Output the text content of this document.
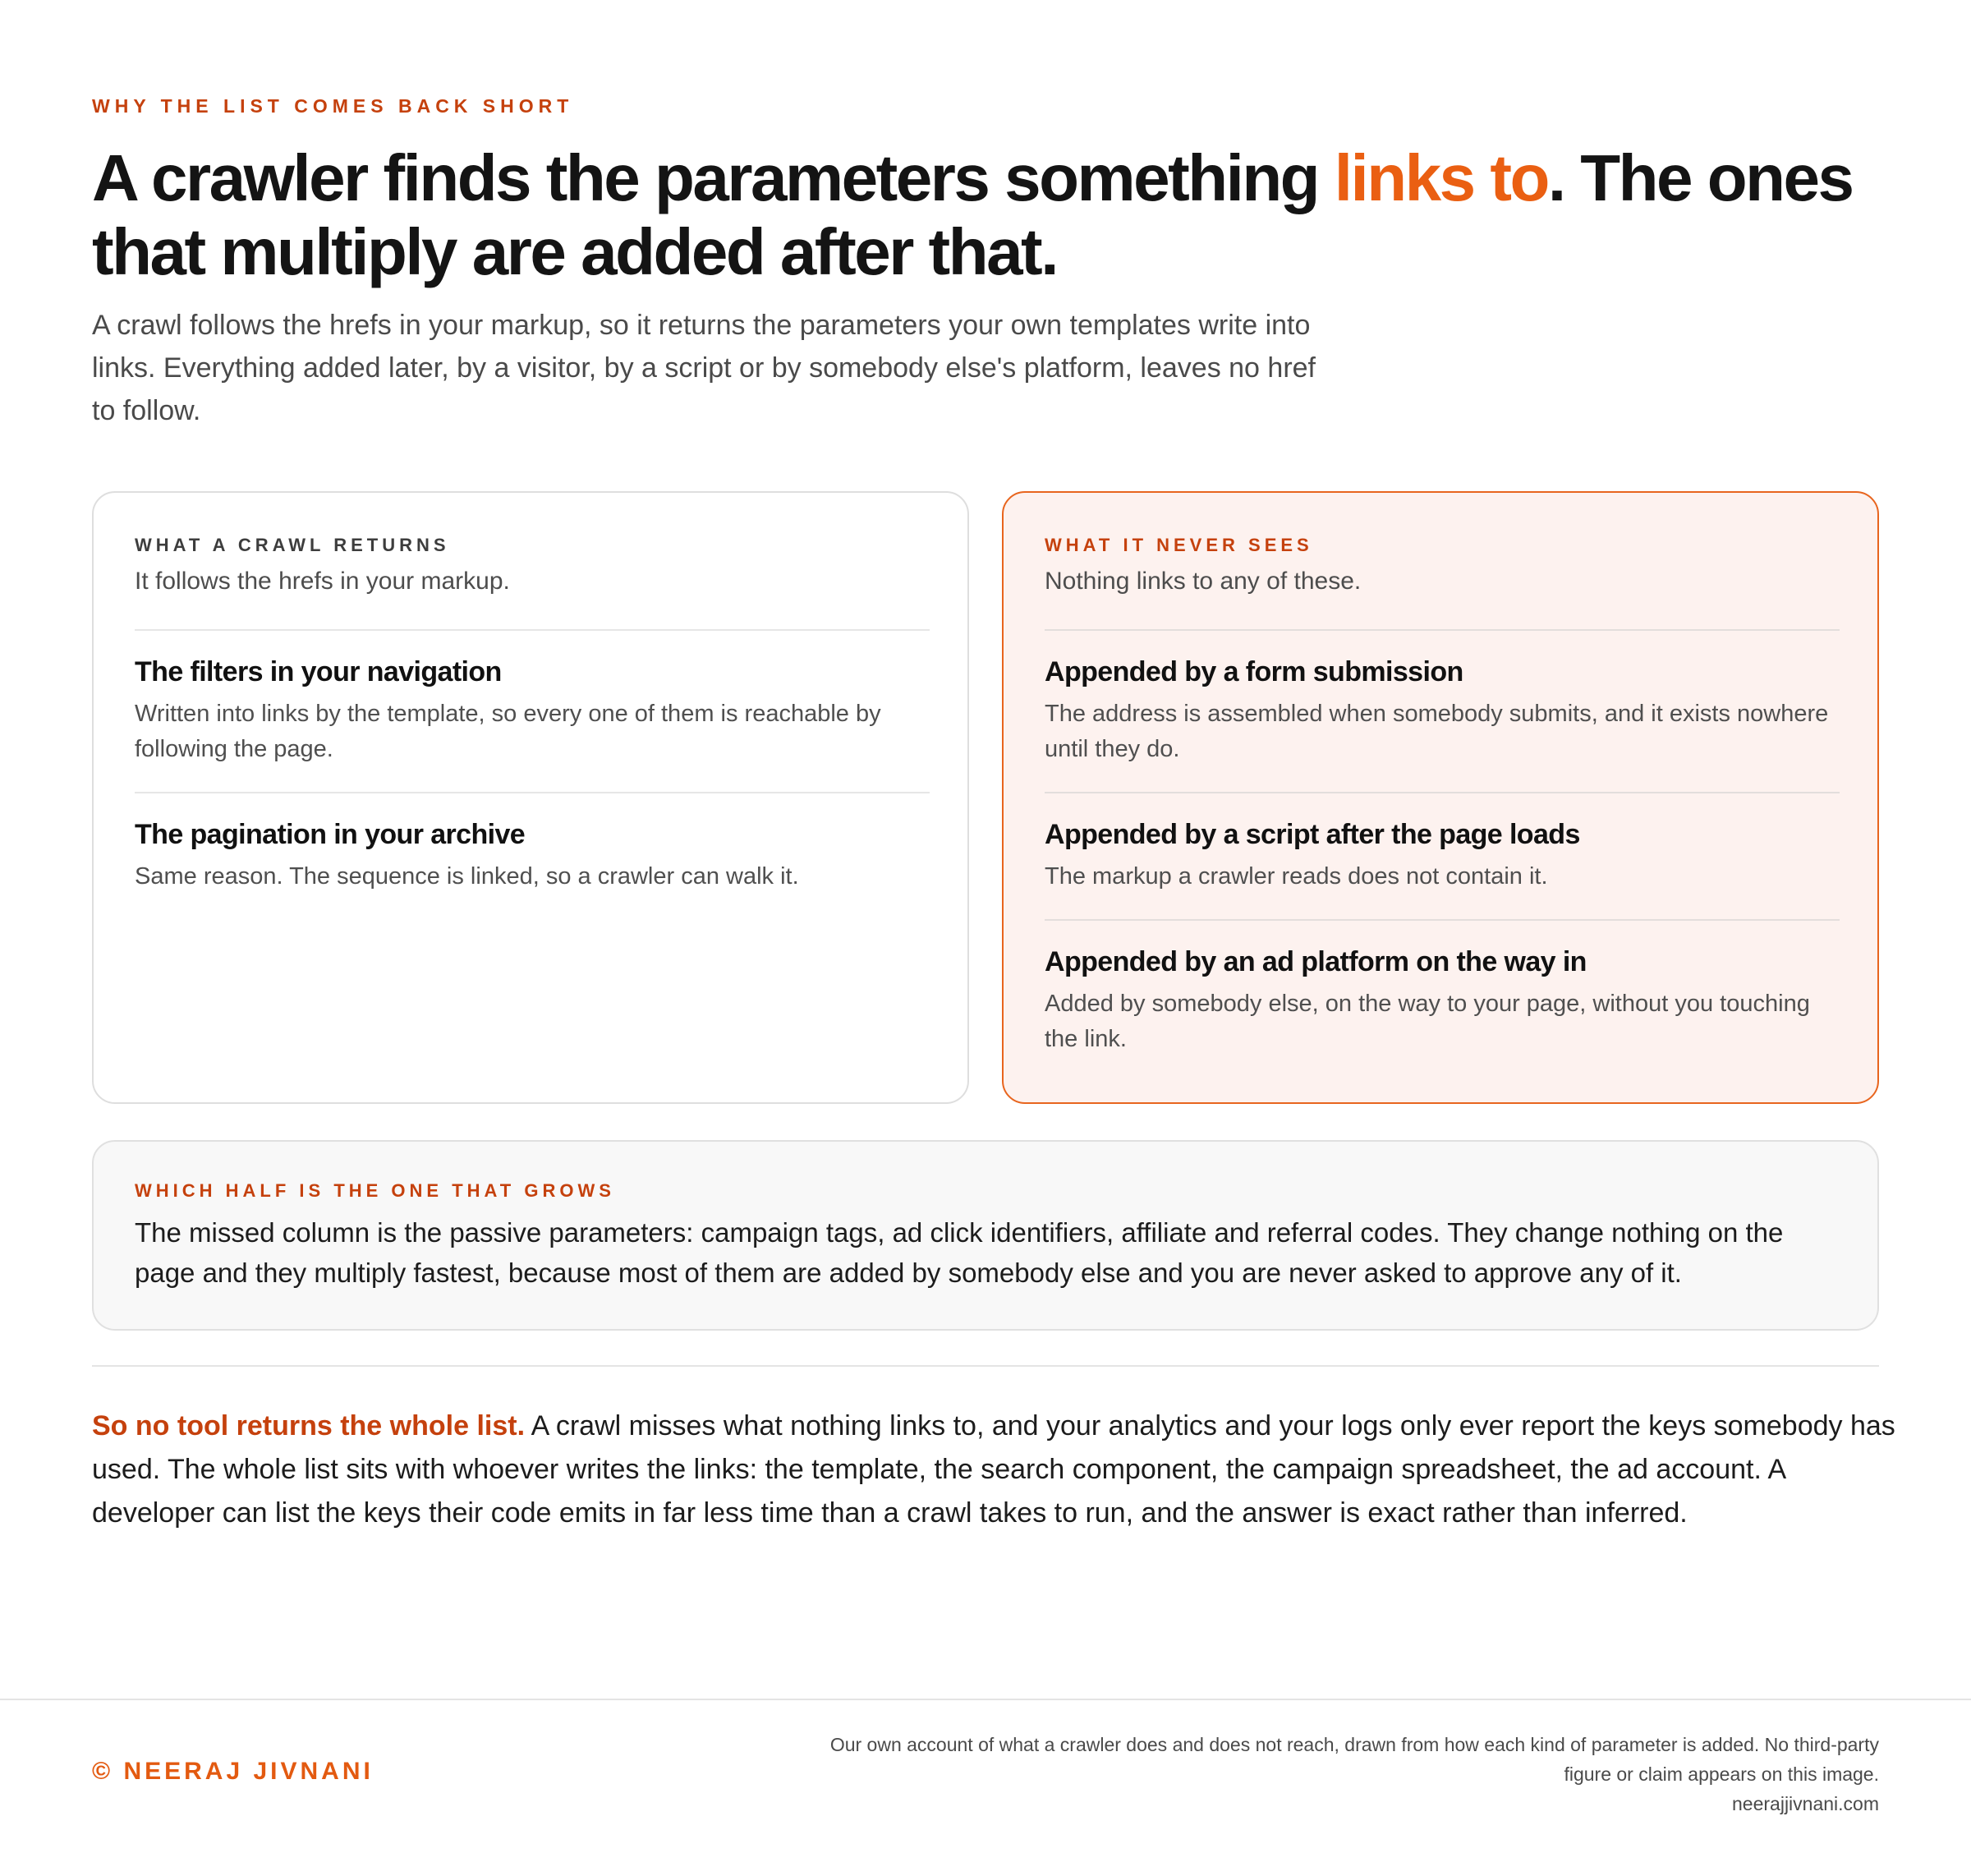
WHY THE LIST COMES BACK SHORT
A crawler finds the parameters something links to. The ones that multiply are added after that.

A crawl follows the hrefs in your markup, so it returns the parameters your own templates write into links. Everything added later, by a visitor, by a script or by somebody else's platform, leaves no href to follow.

WHAT A CRAWL RETURNS

It follows the hrefs in your markup.

The filters in your navigation

Written into links by the template, so every one of them is reachable by following the page.

The pagination in your archive

Same reason. The sequence is linked, so a crawler can walk it.

WHAT IT NEVER SEES

Nothing links to any of these.

Appended by a form submission

The address is assembled when somebody submits, and it exists nowhere until they do.

Appended by a script after the page loads

The markup a crawler reads does not contain it.

Appended by an ad platform on the way in

Added by somebody else, on the way to your page, without you touching the link.

WHICH HALF IS THE ONE THAT GROWS

The missed column is the passive parameters: campaign tags, ad click identifiers, affiliate and referral codes. They change nothing on the page and they multiply fastest, because most of them are added by somebody else and you are never asked to approve any of it.

So no tool returns the whole list. A crawl misses what nothing links to, and your analytics and your logs only ever report the keys somebody has used. The whole list sits with whoever writes the links: the template, the search component, the campaign spreadsheet, the ad account. A developer can list the keys their code emits in far less time than a crawl takes to run, and the answer is exact rather than inferred.

© NEERAJ JIVNANI

Our own account of what a crawler does and does not reach, drawn from how each kind of parameter is added. No third-party figure or claim appears on this image.
neerajjivnani.com
